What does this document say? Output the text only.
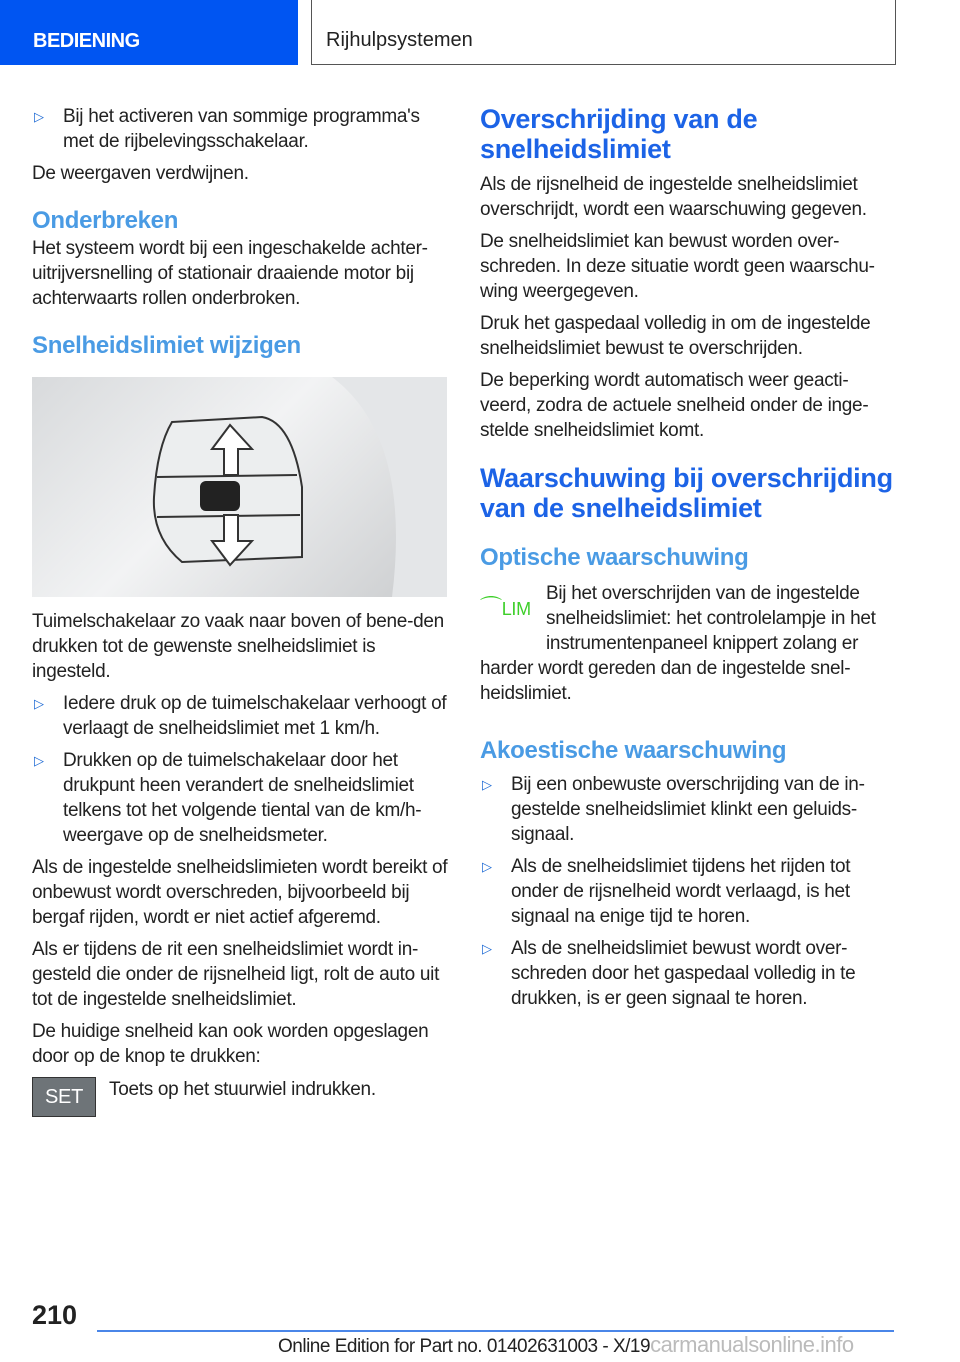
BEDIENING	Rijhulpsystemen
▷	Bij het activeren van sommige programma's met de rijbelevingsschakelaar.

De weergaven verdwijnen.

Onderbreken

Het systeem wordt bij een ingeschakelde achter-uitrijversnelling of stationair draaiende motor bij achterwaarts rollen onderbroken.

Snelheidslimiet wijzigen

Tuimelschakelaar zo vaak naar boven of bene-den drukken tot de gewenste snelheidslimiet is ingesteld.

▷	Iedere druk op de tuimelschakelaar verhoogt of verlaagt de snelheidslimiet met 1 km/h.
▷	Drukken op de tuimelschakelaar door het drukpunt heen verandert de snelheidslimiet telkens tot het volgende tiental van de km/h-weergave op de snelheidsmeter.

Als de ingestelde snelheidslimieten wordt bereikt of onbewust wordt overschreden, bijvoorbeeld bij bergaf rijden, wordt er niet actief afgeremd.

Als er tijdens de rit een snelheidslimiet wordt in-gesteld die onder de rijsnelheid ligt, rolt de auto uit tot de ingestelde snelheidslimiet.

De huidige snelheid kan ook worden opgeslagen door op de knop te drukken:

SET	Toets op het stuurwiel indrukken.
Overschrijding van de snelheidslimiet

Als de rijsnelheid de ingestelde snelheidslimiet overschrijdt, wordt een waarschuwing gegeven.

De snelheidslimiet kan bewust worden over-schreden. In deze situatie wordt geen waarschu-wing weergegeven.

Druk het gaspedaal volledig in om de ingestelde snelheidslimiet bewust te overschrijden.

De beperking wordt automatisch weer geacti-veerd, zodra de actuele snelheid onder de inge-stelde snelheidslimiet komt.

Waarschuwing bij overschrijding van de snelheidslimiet
Optische waarschuwing
⌒LIM
Bij het overschrijden van de ingestelde snelheidslimiet: het controlelampje in het instrumentenpaneel knippert zolang er

harder wordt gereden dan de ingestelde snel-heidslimiet.

Akoestische waarschuwing
▷	Bij een onbewuste overschrijding van de in-gestelde snelheidslimiet klinkt een geluids-signaal.
▷	Als de snelheidslimiet tijdens het rijden tot onder de rijsnelheid wordt verlaagd, is het signaal na enige tijd te horen.
▷	Als de snelheidslimiet bewust wordt over-schreden door het gaspedaal volledig in te drukken, is er geen signaal te horen.
210
Online Edition for Part no. 01402631003 - X/19carmanualsonline.info
